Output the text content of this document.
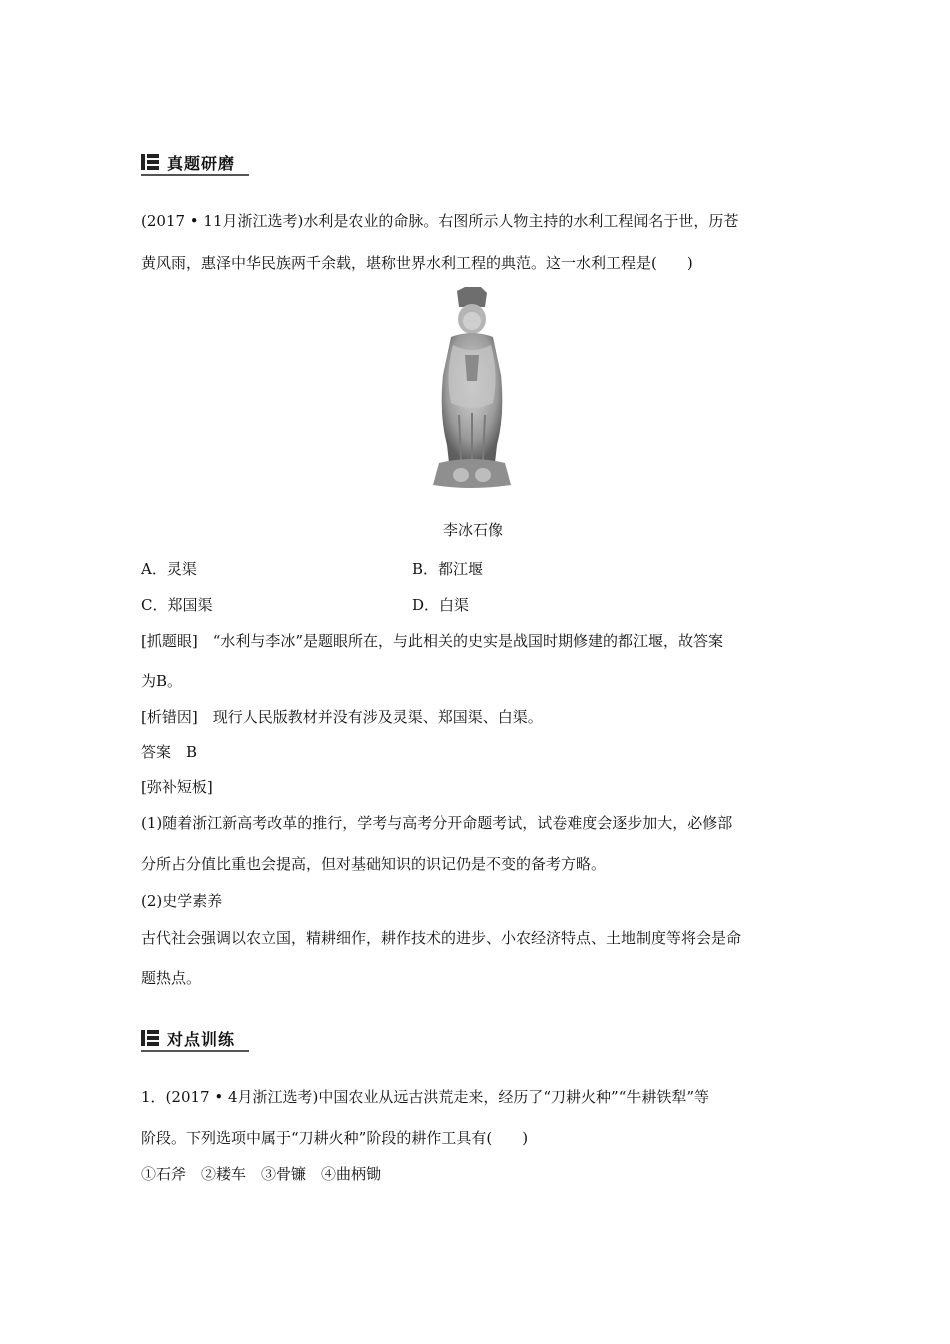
真题研磨
(2017 • 11月浙江选考)水利是农业的命脉。右图所示人物主持的水利工程闻名于世，历苍
黄风雨，惠泽中华民族两千余载，堪称世界水利工程的典范。这一水利工程是(　　)
李冰石像
A．灵渠	B．都江堰
C．郑国渠	D．白渠
[抓题眼]　“水利与李冰”是题眼所在，与此相关的史实是战国时期修建的都江堰，故答案
为B。
[析错因]　现行人民版教材并没有涉及灵渠、郑国渠、白渠。
答案　B
[弥补短板]
(1)随着浙江新高考改革的推行，学考与高考分开命题考试，试卷难度会逐步加大，必修部
分所占分值比重也会提高，但对基础知识的识记仍是不变的备考方略。
(2)史学素养
古代社会强调以农立国，精耕细作，耕作技术的进步、小农经济特点、土地制度等将会是命
题热点。
对点训练
1．(2017 • 4月浙江选考)中国农业从远古洪荒走来，经历了“刀耕火种”“牛耕铁犁”等
阶段。下列选项中属于“刀耕火种”阶段的耕作工具有(　　)
①石斧　②耧车　③骨镰　④曲柄锄
